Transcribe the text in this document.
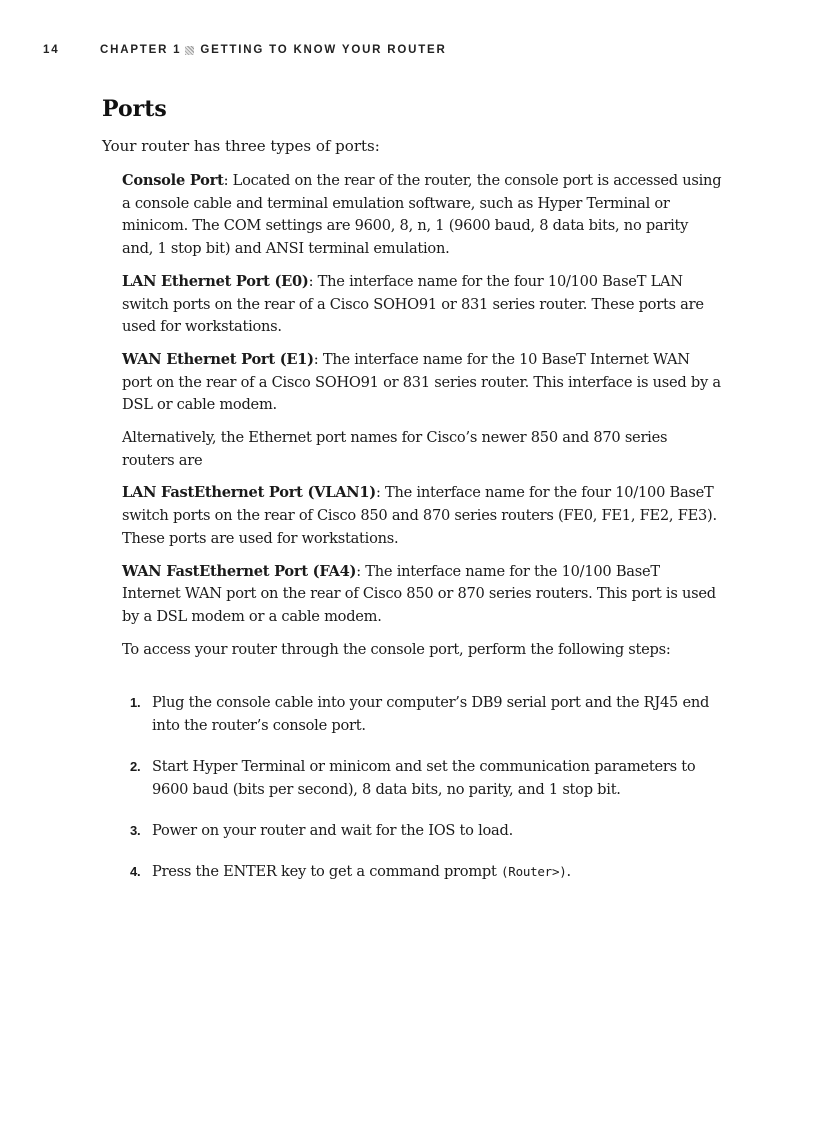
14	CHAPTER 1 GETTING TO KNOW YOUR ROUTER
Ports

Your router has three types of ports:

Console Port: Located on the rear of the router, the console port is accessed using a console cable and terminal emulation software, such as Hyper Terminal or minicom. The COM settings are 9600, 8, n, 1 (9600 baud, 8 data bits, no parity and, 1 stop bit) and ANSI terminal emulation.

LAN Ethernet Port (E0): The interface name for the four 10/100 BaseT LAN switch ports on the rear of a Cisco SOHO91 or 831 series router. These ports are used for workstations.

WAN Ethernet Port (E1): The interface name for the 10 BaseT Internet WAN port on the rear of a Cisco SOHO91 or 831 series router. This interface is used by a DSL or cable modem.

Alternatively, the Ethernet port names for Cisco’s newer 850 and 870 series routers are

LAN FastEthernet Port (VLAN1): The interface name for the four 10/100 BaseT switch ports on the rear of Cisco 850 and 870 series routers (FE0, FE1, FE2, FE3). These ports are used for workstations.

WAN FastEthernet Port (FA4): The interface name for the 10/100 BaseT Internet WAN port on the rear of Cisco 850 or 870 series routers. This port is used by a DSL modem or a cable modem.

To access your router through the console port, perform the following steps:

1. Plug the console cable into your computer’s DB9 serial port and the RJ45 end into the router’s console port.
2. Start Hyper Terminal or minicom and set the communication parameters to 9600 baud (bits per second), 8 data bits, no parity, and 1 stop bit.
3. Power on your router and wait for the IOS to load.
4. Press the ENTER key to get a command prompt (Router>).
